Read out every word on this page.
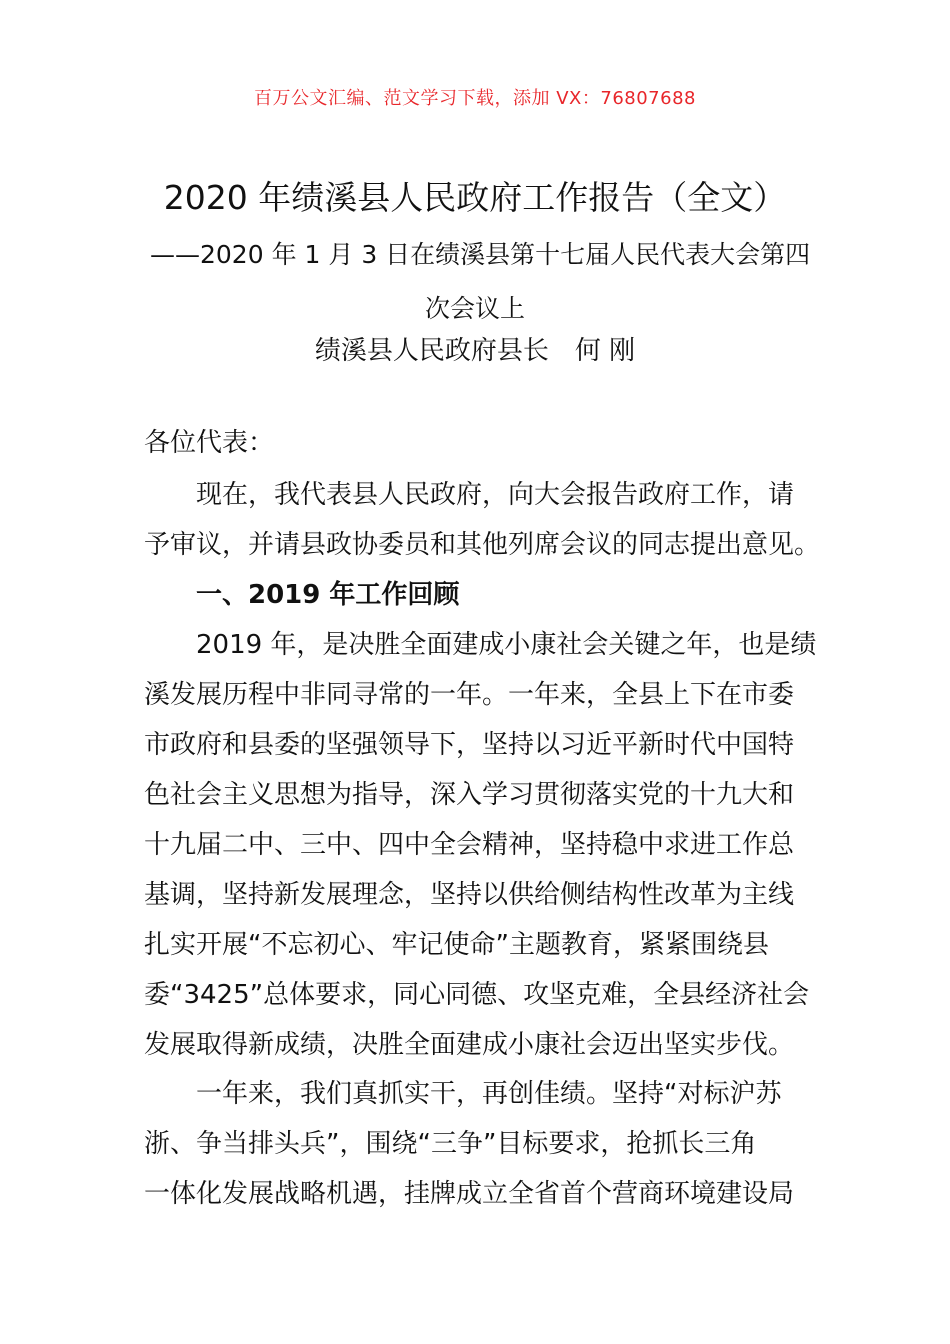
百万公文汇编、范文学习下载，添加 VX：76807688
2020 年绩溪县人民政府工作报告（全文）
——2020 年 1 月 3 日在绩溪县第十七届人民代表大会第四
次会议上
绩溪县人民政府县长　何 刚
各位代表：
现在，我代表县人民政府，向大会报告政府工作，请
予审议，并请县政协委员和其他列席会议的同志提出意见。
一、2019 年工作回顾
2019 年，是决胜全面建成小康社会关键之年，也是绩
溪发展历程中非同寻常的一年。一年来，全县上下在市委
市政府和县委的坚强领导下，坚持以习近平新时代中国特
色社会主义思想为指导，深入学习贯彻落实党的十九大和
十九届二中、三中、四中全会精神，坚持稳中求进工作总
基调，坚持新发展理念，坚持以供给侧结构性改革为主线
扎实开展“不忘初心、牢记使命”主题教育，紧紧围绕县
委“3425”总体要求，同心同德、攻坚克难，全县经济社会
发展取得新成绩，决胜全面建成小康社会迈出坚实步伐。
一年来，我们真抓实干，再创佳绩。坚持“对标沪苏
浙、争当排头兵”，围绕“三争”目标要求，抢抓长三角
一体化发展战略机遇，挂牌成立全省首个营商环境建设局
